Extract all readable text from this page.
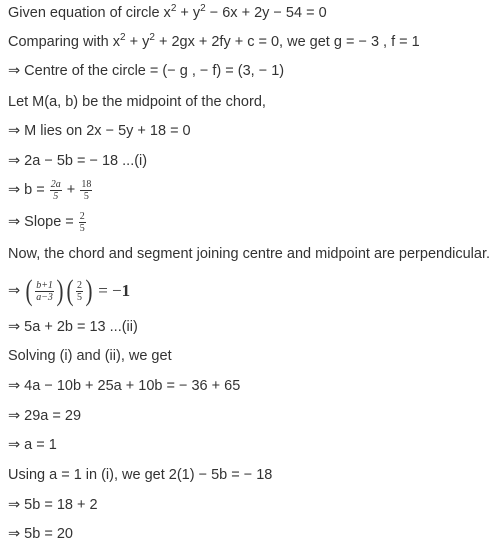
Given equation of circle $x^2 + y^2 - 6x + 2y - 54 = 0$
Comparing with $x^2 + y^2 + 2gx + 2fy + c = 0$, we get g = − 3 , f = 1
⇒ Centre of the circle = (− g , − f) = (3, − 1)
Let M(a, b) be the midpoint of the chord,
⇒ M lies on 2x − 5y + 18 = 0
⇒ 2a − 5b = − 18 ...(i)
⇒ $b = \frac{2a}{5} + \frac{18}{5}$
⇒ Slope = $\frac{2}{5}$
Now, the chord and segment joining centre and midpoint are perpendicular.
⇒ ( $\frac{b+1}{a-3}$ ) ( $\frac{2}{5}$ ) = −1
⇒ 5a + 2b = 13 ...(ii)
Solving (i) and (ii), we get
⇒ 4a − 10b + 25a + 10b = − 36 + 65
⇒ 29a = 29
⇒ a = 1
Using a = 1 in (i), we get 2(1) − 5b = − 18
⇒ 5b = 18 + 2
⇒ 5b = 20
